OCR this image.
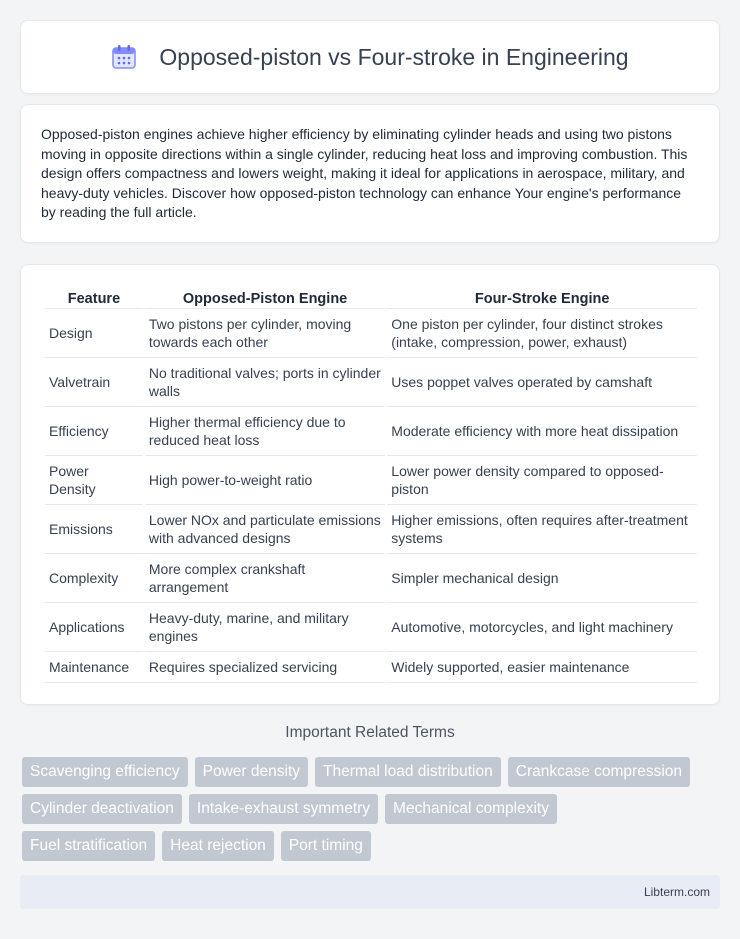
Opposed-piston vs Four-stroke in Engineering

Opposed-piston engines achieve higher efficiency by eliminating cylinder heads and using two pistons moving in opposite directions within a single cylinder, reducing heat loss and improving combustion. This design offers compactness and lowers weight, making it ideal for applications in aerospace, military, and heavy-duty vehicles. Discover how opposed-piston technology can enhance Your engine's performance by reading the full article.

Feature	Opposed-Piston Engine	Four-Stroke Engine
Design	Two pistons per cylinder, moving towards each other	One piston per cylinder, four distinct strokes (intake, compression, power, exhaust)
Valvetrain	No traditional valves; ports in cylinder walls	Uses poppet valves operated by camshaft
Efficiency	Higher thermal efficiency due to reduced heat loss	Moderate efficiency with more heat dissipation
Power Density	High power-to-weight ratio	Lower power density compared to opposed-piston
Emissions	Lower NOx and particulate emissions with advanced designs	Higher emissions, often requires after-treatment systems
Complexity	More complex crankshaft arrangement	Simpler mechanical design
Applications	Heavy-duty, marine, and military engines	Automotive, motorcycles, and light machinery
Maintenance	Requires specialized servicing	Widely supported, easier maintenance
Important Related Terms
Scavenging efficiency	Power density	Thermal load distribution	Crankcase compression
Cylinder deactivation	Intake-exhaust symmetry	Mechanical complexity
Fuel stratification	Heat rejection	Port timing
Libterm.com
